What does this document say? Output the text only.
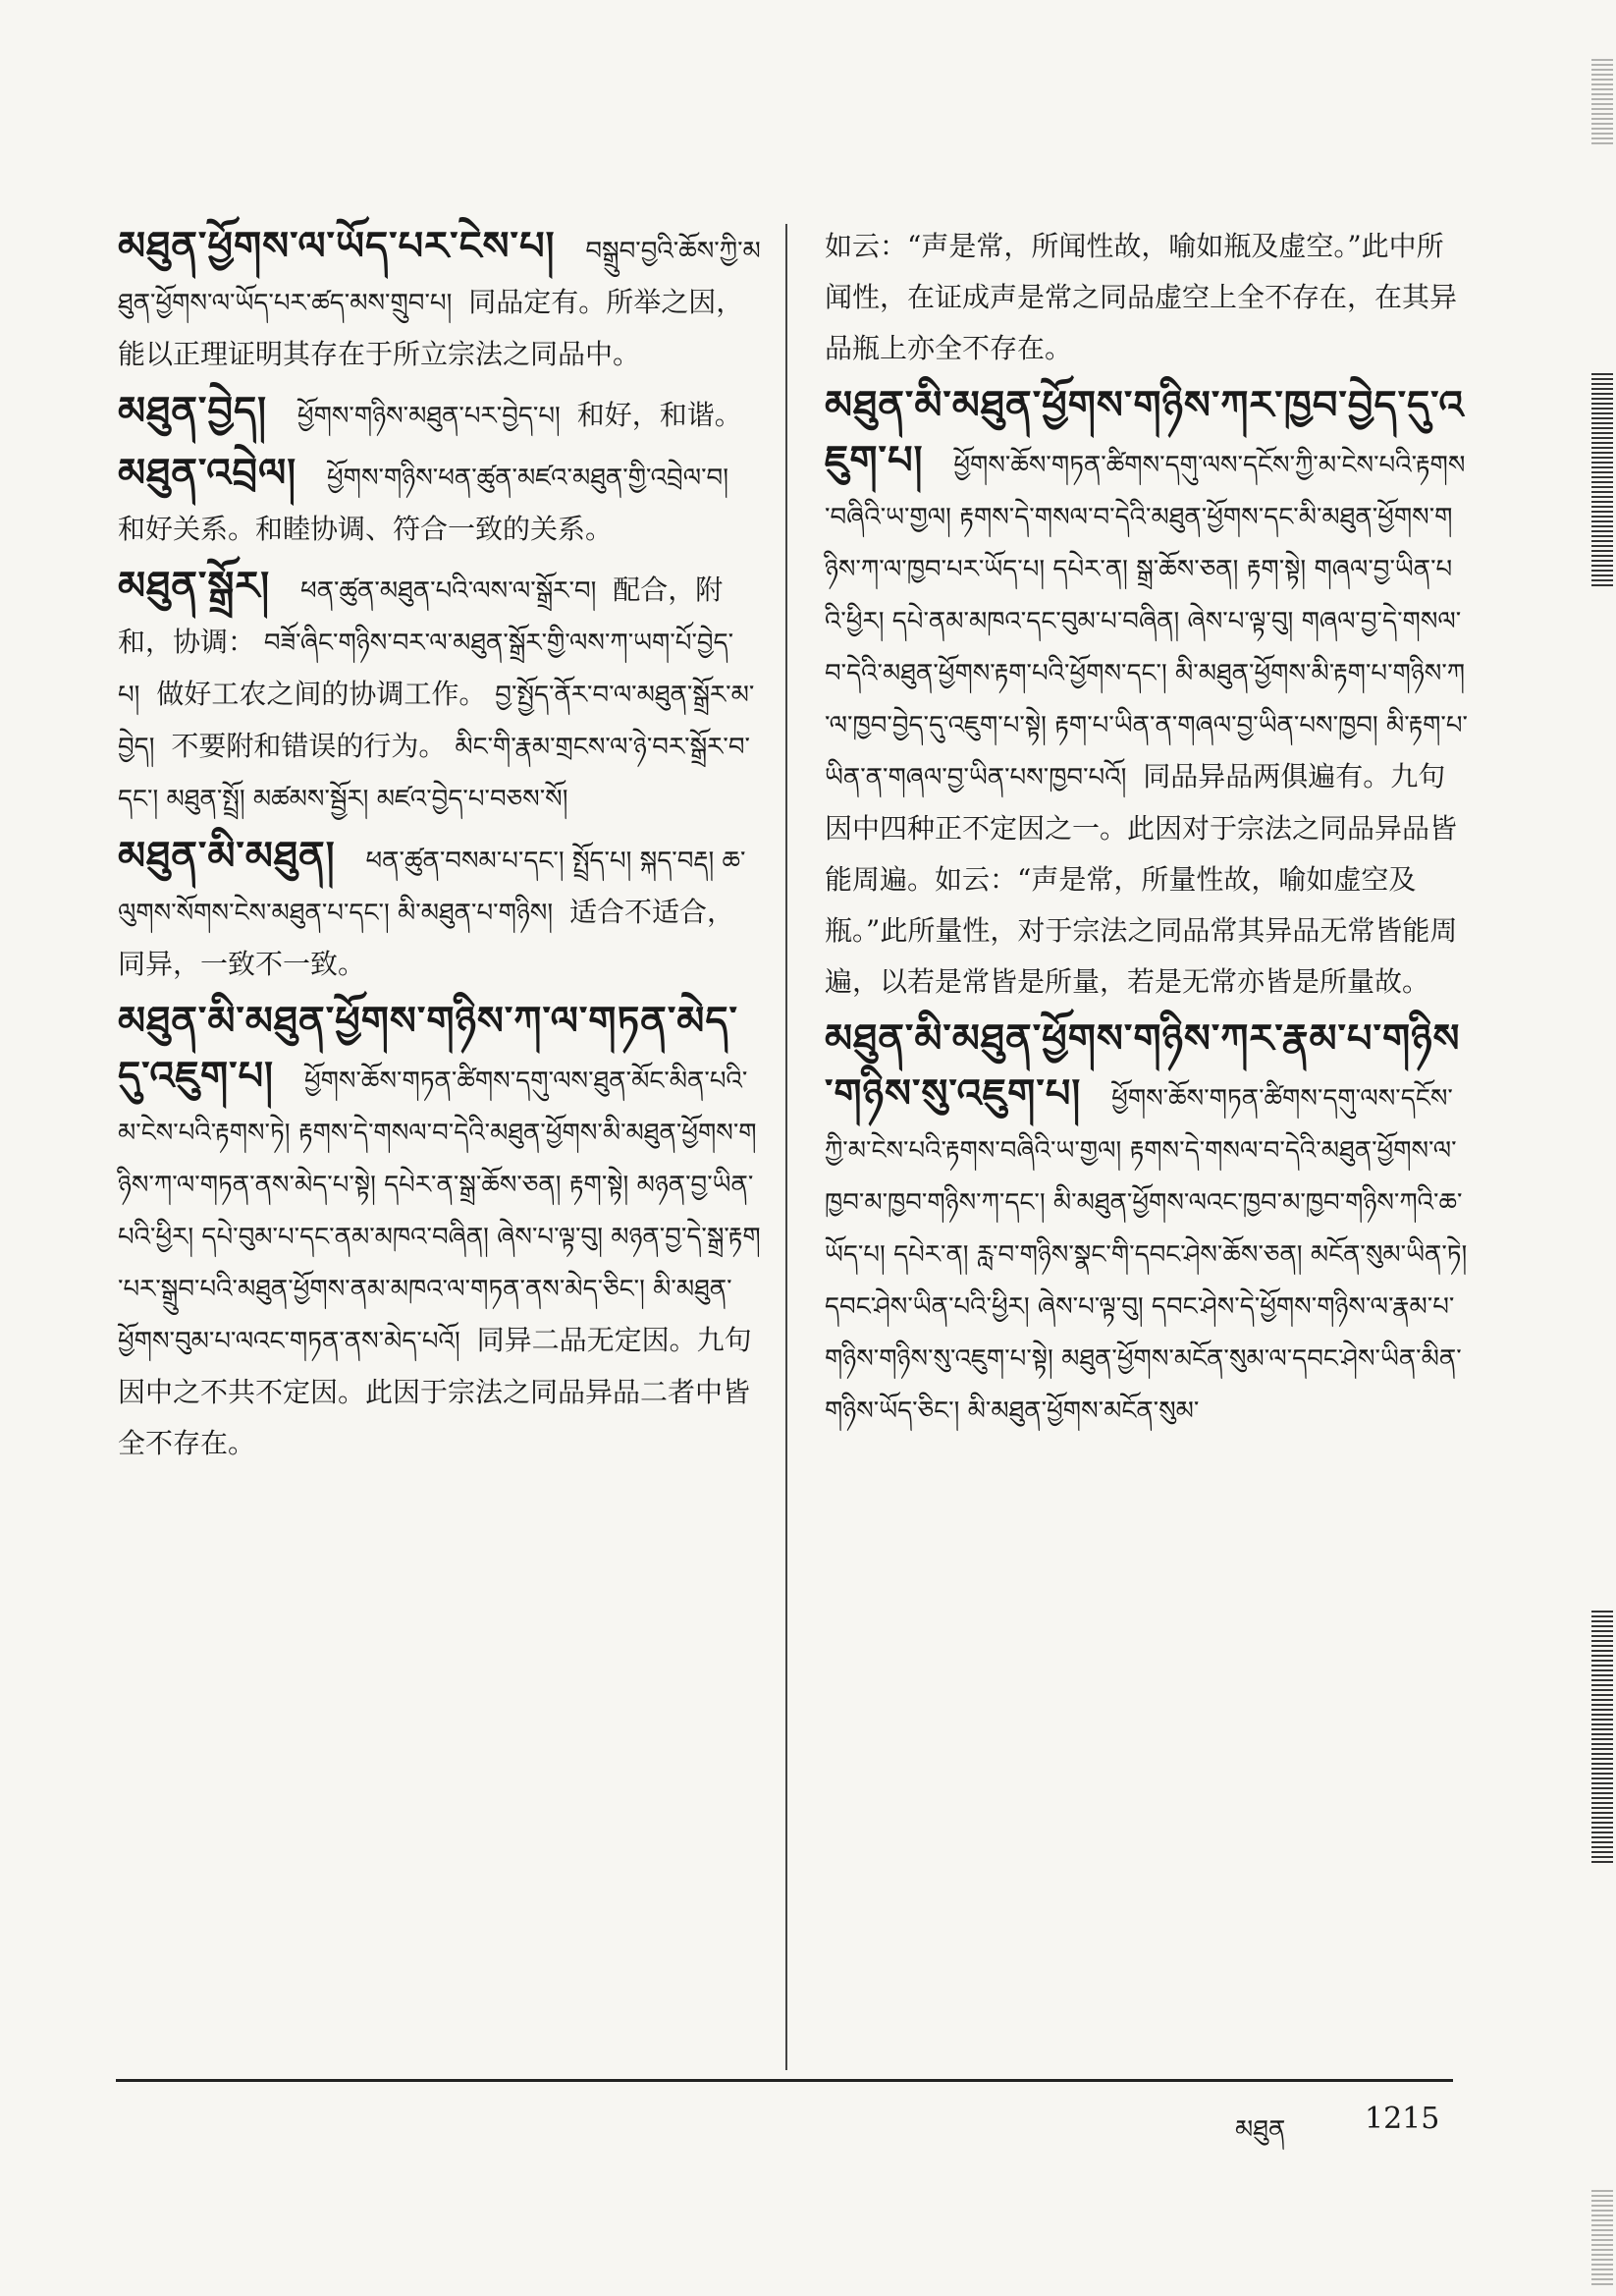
མཐུན་ཕྱོགས་ལ་ཡོད་པར་ངེས་པ། བསྒྲུབ་བྱའི་ཆོས་ཀྱི་མཐུན་ཕྱོགས་ལ་ཡོད་པར་ཚད་མས་གྲུབ་པ། 同品定有。所举之因，能以正理证明其存在于所立宗法之同品中。
མཐུན་བྱེད། ཕྱོགས་གཉིས་མཐུན་པར་བྱེད་པ། 和好，和谐。
མཐུན་འབྲེལ། ཕྱོགས་གཉིས་ཕན་ཚུན་མཛའ་མཐུན་གྱི་འབྲེལ་བ། 和好关系。和睦协调、符合一致的关系。
མཐུན་སྒྲོར། ཕན་ཚུན་མཐུན་པའི་ལས་ལ་སྒྲོར་བ། 配合，附和，协调： བཟོ་ཞིང་གཉིས་བར་ལ་མཐུན་སྒྲོར་གྱི་ལས་ཀ་ཡག་པོ་བྱེད་པ། 做好工农之间的协调工作。 བྱ་སྤྱོད་ནོར་བ་ལ་མཐུན་སྒྲོར་མ་བྱེད། 不要附和错误的行为。 མིང་གི་རྣམ་གྲངས་ལ་ཉེ་བར་སྒྲོར་བ་དང་། མཐུན་སྤྲོ། མཚམས་སྦྱོར། མཛའ་བྱེད་པ་བཅས་སོ།
མཐུན་མི་མཐུན། ཕན་ཚུན་བསམ་པ་དང་། སྤྲོད་པ། སྐད་བརྡ། ཆ་ལུགས་སོགས་ངེས་མཐུན་པ་དང་། མི་མཐུན་པ་གཉིས། 适合不适合，同异，一致不一致。
མཐུན་མི་མཐུན་ཕྱོགས་གཉིས་ཀ་ལ་གཏན་མེད་དུ་འཇུག་པ། ཕྱོགས་ཆོས་གཏན་ཚིགས་དགུ་ལས་ཐུན་མོང་མིན་པའི་མ་ངེས་པའི་རྟགས་ཏེ། རྟགས་དེ་གསལ་བ་དེའི་མཐུན་ཕྱོགས་མི་མཐུན་ཕྱོགས་གཉིས་ཀ་ལ་གཏན་ནས་མེད་པ་སྟེ། དཔེར་ན་སྒྲ་ཆོས་ཅན། རྟག་སྟེ། མཉན་བྱ་ཡིན་པའི་ཕྱིར། དཔེ་བུམ་པ་དང་ནམ་མཁའ་བཞིན། ཞེས་པ་ལྟ་བུ། མཉན་བྱ་དེ་སྒྲ་རྟག་པར་སྒྲུབ་པའི་མཐུན་ཕྱོགས་ནམ་མཁའ་ལ་གཏན་ནས་མེད་ཅིང་། མི་མཐུན་ཕྱོགས་བུམ་པ་ལའང་གཏན་ནས་མེད་པའོ། 同异二品无定因。九句因中之不共不定因。此因于宗法之同品异品二者中皆全不存在。
如云：“声是常，所闻性故，喻如瓶及虚空。”此中所闻性，在证成声是常之同品虚空上全不存在，在其异品瓶上亦全不存在。
མཐུན་མི་མཐུན་ཕྱོགས་གཉིས་ཀར་ཁྱབ་བྱེད་དུ་འཇུག་པ། ཕྱོགས་ཆོས་གཏན་ཚིགས་དགུ་ལས་དངོས་ཀྱི་མ་ངེས་པའི་རྟགས་བཞིའི་ཡ་གྱལ། རྟགས་དེ་གསལ་བ་དེའི་མཐུན་ཕྱོགས་དང་མི་མཐུན་ཕྱོགས་གཉིས་ཀ་ལ་ཁྱབ་པར་ཡོད་པ། དཔེར་ན། སྒྲ་ཆོས་ཅན། རྟག་སྟེ། གཞལ་བྱ་ཡིན་པའི་ཕྱིར། དཔེ་ནམ་མཁའ་དང་བུམ་པ་བཞིན། ཞེས་པ་ལྟ་བུ། གཞལ་བྱ་དེ་གསལ་བ་དེའི་མཐུན་ཕྱོགས་རྟག་པའི་ཕྱོགས་དང་། མི་མཐུན་ཕྱོགས་མི་རྟག་པ་གཉིས་ཀ་ལ་ཁྱབ་བྱེད་དུ་འཇུག་པ་སྟེ། རྟག་པ་ཡིན་ན་གཞལ་བྱ་ཡིན་པས་ཁྱབ། མི་རྟག་པ་ཡིན་ན་གཞལ་བྱ་ཡིན་པས་ཁྱབ་པའོ། 同品异品两俱遍有。九句因中四种正不定因之一。此因对于宗法之同品异品皆能周遍。如云：“声是常，所量性故，喻如虚空及瓶。”此所量性，对于宗法之同品常其异品无常皆能周遍，以若是常皆是所量，若是无常亦皆是所量故。
མཐུན་མི་མཐུན་ཕྱོགས་གཉིས་ཀར་རྣམ་པ་གཉིས་གཉིས་སུ་འཇུག་པ། ཕྱོགས་ཆོས་གཏན་ཚིགས་དགུ་ལས་དངོས་ཀྱི་མ་ངེས་པའི་རྟགས་བཞིའི་ཡ་གྱལ། རྟགས་དེ་གསལ་བ་དེའི་མཐུན་ཕྱོགས་ལ་ཁྱབ་མ་ཁྱབ་གཉིས་ཀ་དང་། མི་མཐུན་ཕྱོགས་ལའང་ཁྱབ་མ་ཁྱབ་གཉིས་ཀའི་ཆ་ཡོད་པ། དཔེར་ན། རླ་བ་གཉིས་སྣང་གི་དབང་ཤེས་ཆོས་ཅན། མངོན་སུམ་ཡིན་ཏེ། དབང་ཤེས་ཡིན་པའི་ཕྱིར། ཞེས་པ་ལྟ་བུ། དབང་ཤེས་དེ་ཕྱོགས་གཉིས་ལ་རྣམ་པ་གཉིས་གཉིས་སུ་འཇུག་པ་སྟེ། མཐུན་ཕྱོགས་མངོན་སུམ་ལ་དབང་ཤེས་ཡིན་མིན་གཉིས་ཡོད་ཅིང་། མི་མཐུན་ཕྱོགས་མངོན་སུམ་
མཐུན	1215
